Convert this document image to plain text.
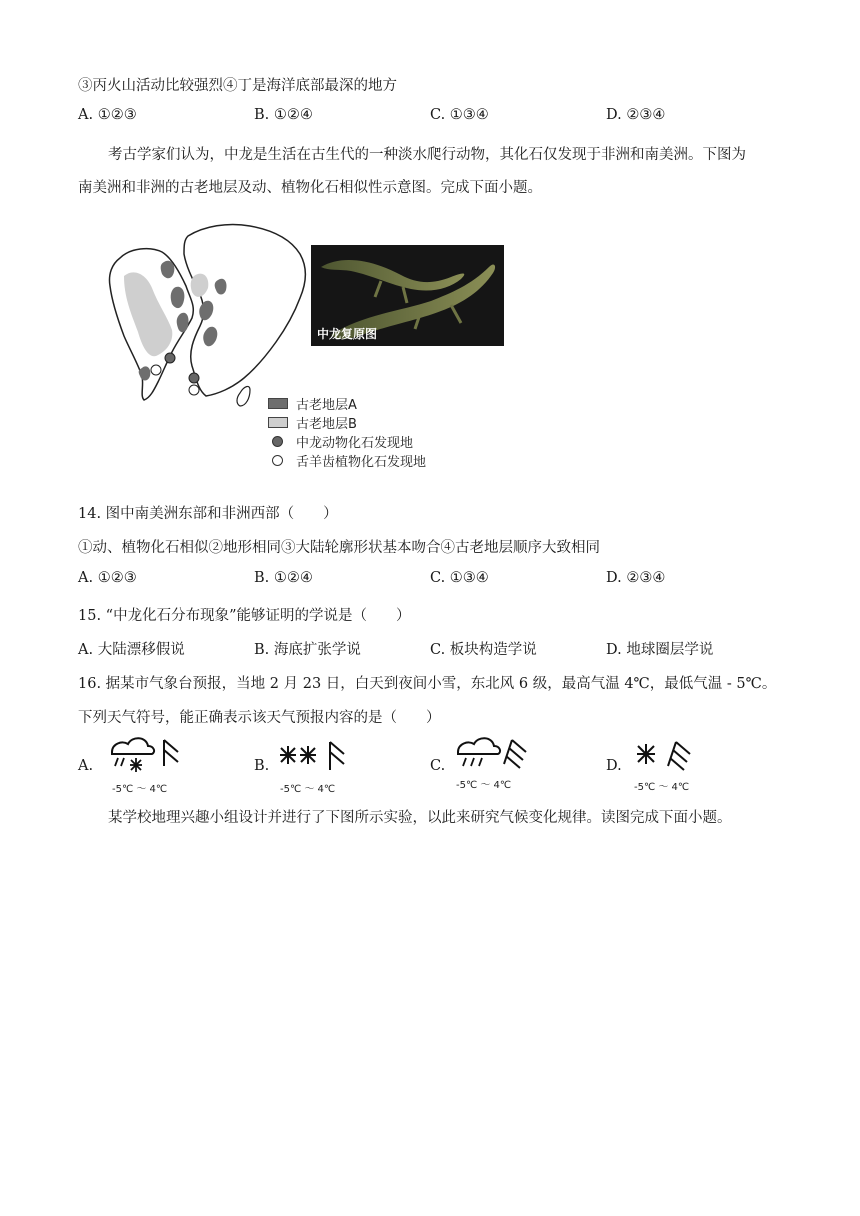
③丙火山活动比较强烈④丁是海洋底部最深的地方
A. ①②③	B. ①②④	C. ①③④	D. ②③④
考古学家们认为，中龙是生活在古生代的一种淡水爬行动物，其化石仅发现于非洲和南美洲。下图为
南美洲和非洲的古老地层及动、植物化石相似性示意图。完成下面小题。
中龙复原图
古老地层A
古老地层B
中龙动物化石发现地
舌羊齿植物化石发现地
14. 图中南美洲东部和非洲西部（　　）
①动、植物化石相似②地形相同③大陆轮廓形状基本吻合④古老地层顺序大致相同
A. ①②③	B. ①②④	C. ①③④	D. ②③④
15. “中龙化石分布现象”能够证明的学说是（　　）
A. 大陆漂移假说	B. 海底扩张学说	C. 板块构造学说	D. 地球圈层学说
16. 据某市气象台预报，当地 2 月 23 日，白天到夜间小雪，东北风 6 级，最高气温 4℃，最低气温 - 5℃。
下列天气符号，能正确表示该天气预报内容的是（　　）
A.
-5℃ ～ 4℃
B.
-5℃ ～ 4℃
C.
-5℃ ～ 4℃
D.
-5℃ ～ 4℃
某学校地理兴趣小组设计并进行了下图所示实验，以此来研究气候变化规律。读图完成下面小题。
